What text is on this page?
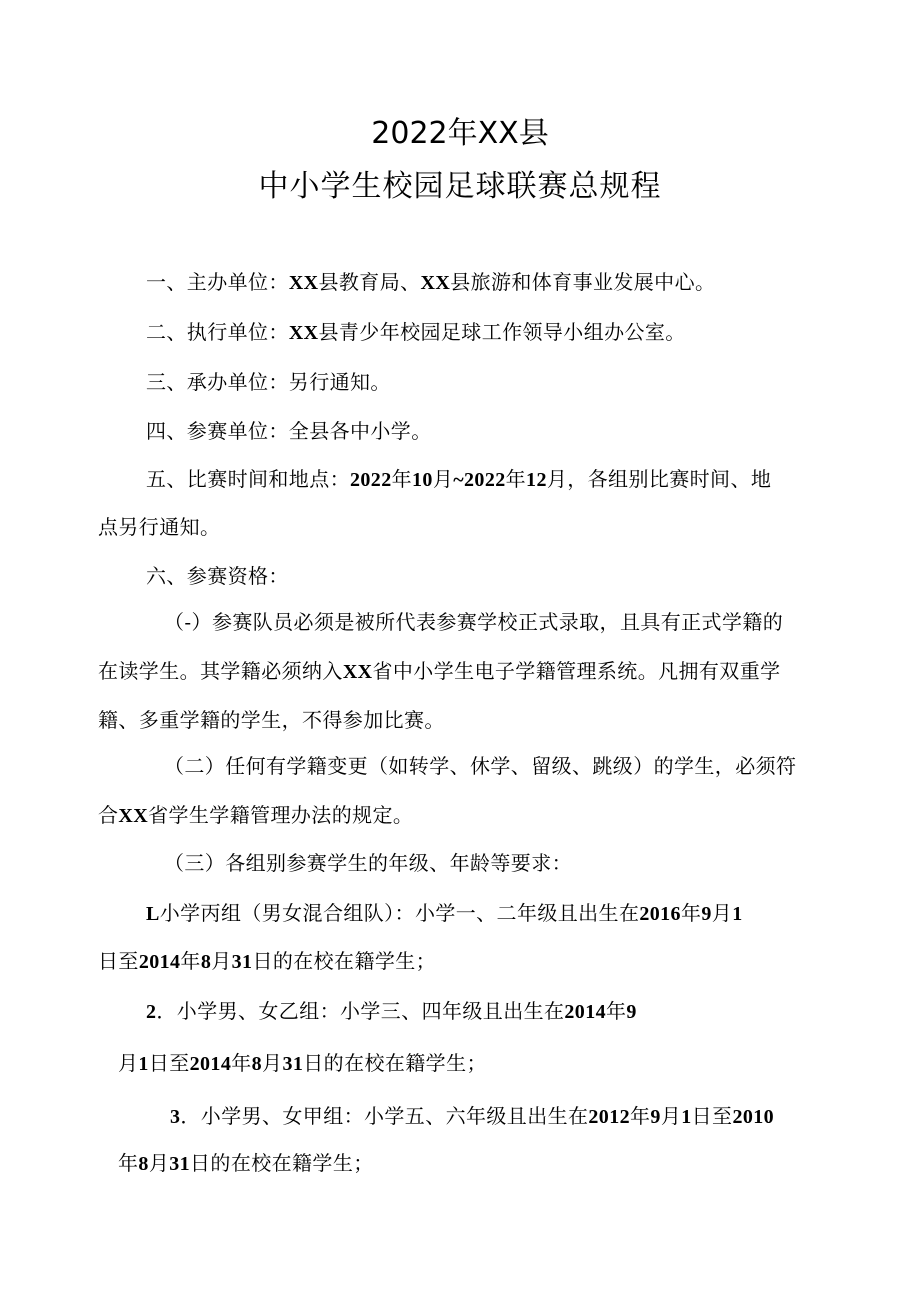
2022年XX县
中小学生校园足球联赛总规程
一、主办单位：XX县教育局、XX县旅游和体育事业发展中心。
二、执行单位：XX县青少年校园足球工作领导小组办公室。
三、承办单位：另行通知。
四、参赛单位：全县各中小学。
五、比赛时间和地点：2022年10月~2022年12月，各组别比赛时间、地
点另行通知。
六、参赛资格：
（-）参赛队员必须是被所代表参赛学校正式录取，且具有正式学籍的
在读学生。其学籍必须纳入XX省中小学生电子学籍管理系统。凡拥有双重学
籍、多重学籍的学生，不得参加比赛。
（二）任何有学籍变更（如转学、休学、留级、跳级）的学生，必须符
合XX省学生学籍管理办法的规定。
（三）各组别参赛学生的年级、年龄等要求：
L小学丙组（男女混合组队）：小学一、二年级且出生在2016年9月1
日至2014年8月31日的在校在籍学生；
2．小学男、女乙组：小学三、四年级且出生在2014年9
月1日至2014年8月31日的在校在籍学生；
3．小学男、女甲组：小学五、六年级且出生在2012年9月1日至2010
年8月31日的在校在籍学生；
